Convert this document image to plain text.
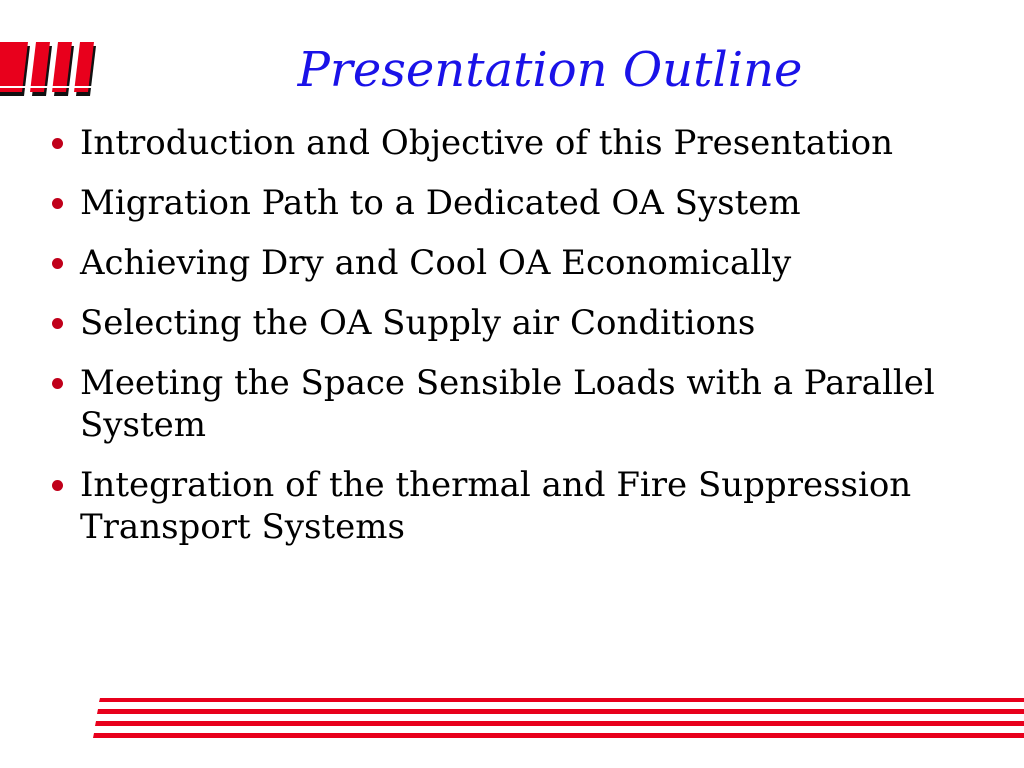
Presentation Outline
Introduction and Objective of this Presentation
Migration Path to a Dedicated OA System
Achieving Dry and Cool OA Economically
Selecting the OA Supply air Conditions
Meeting the Space Sensible Loads with a Parallel System
Integration of the thermal and Fire Suppression Transport Systems
